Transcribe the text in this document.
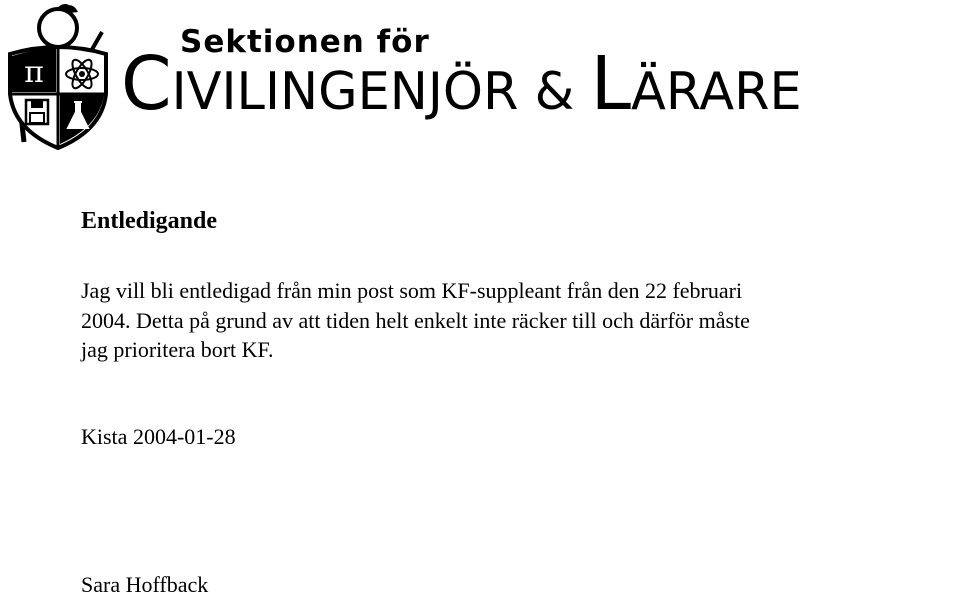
π
Sektionen för
CIVILINGENJÖR & LÄRARE
Entledigande

Jag vill bli entledigad från min post som KF-suppleant från den 22 februari
2004. Detta på grund av att tiden helt enkelt inte räcker till och därför måste
jag prioritera bort KF.

Kista 2004-01-28

Sara Hoffback
